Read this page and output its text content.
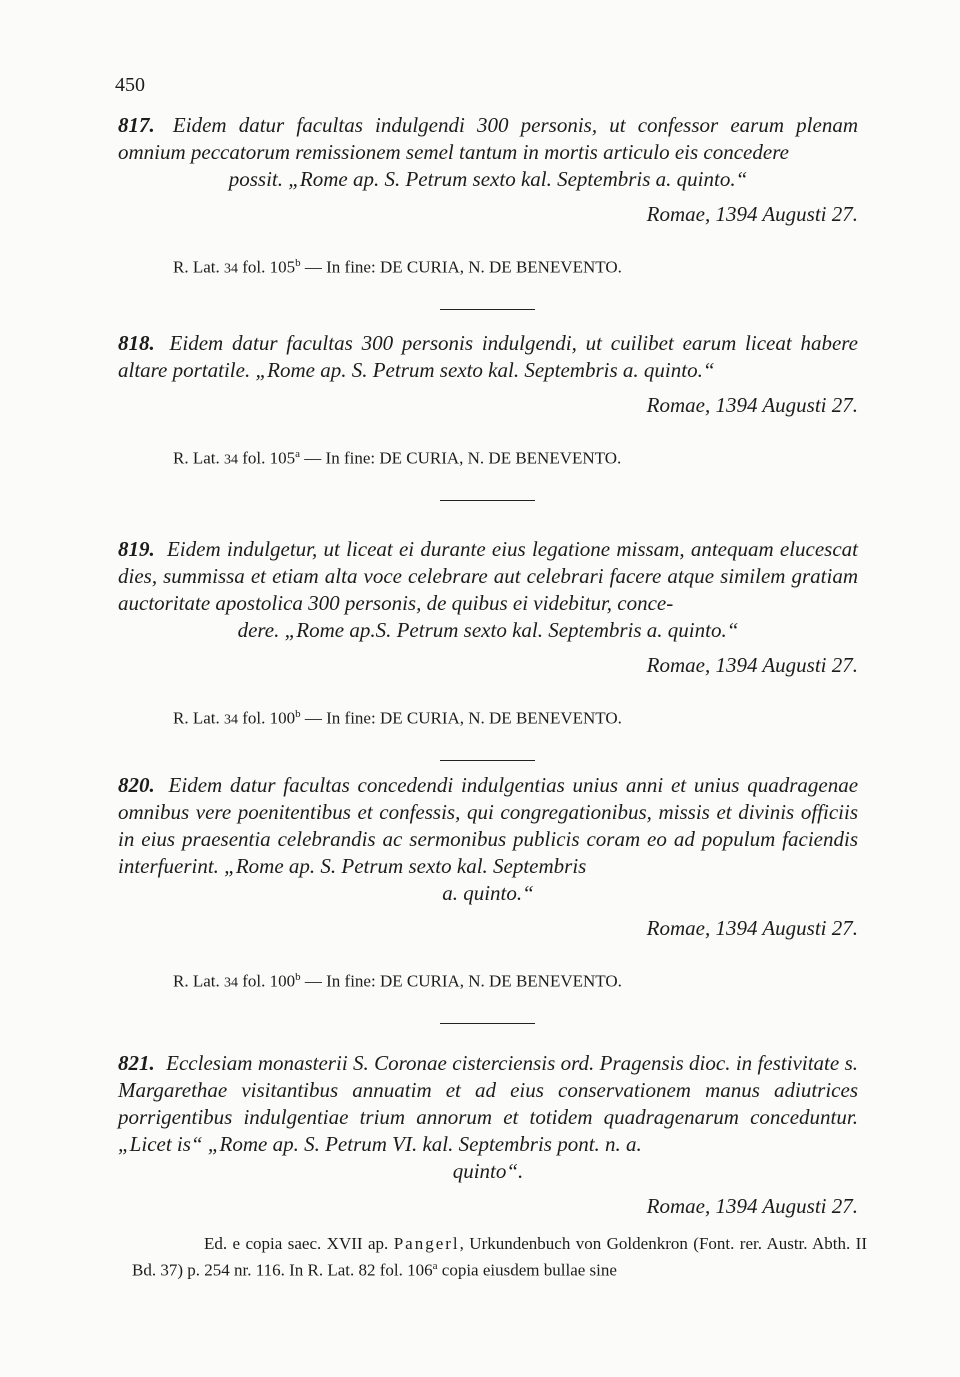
450

817. Eidem datur facultas indulgendi 300 personis, ut confessor earum plenam omnium peccatorum remissionem semel tantum in mortis articulo eis concedere
possit. „Rome ap. S. Petrum sexto kal. Septembris a. quinto.“

Romae, 1394 Augusti 27.
R. Lat. 34 fol. 105$^b$ — In fine: DE CURIA, N. DE BENEVENTO.

818. Eidem datur facultas 300 personis indulgendi, ut cuilibet earum liceat habere altare portatile. „Rome ap. S. Petrum sexto kal. Septembris a. quinto.“

Romae, 1394 Augusti 27.
R. Lat. 34 fol. 105$^a$ — In fine: DE CURIA, N. DE BENEVENTO.

819. Eidem indulgetur, ut liceat ei durante eius legatione missam, antequam elucescat dies, summissa et etiam alta voce celebrare aut celebrari facere atque similem gratiam auctoritate apostolica 300 personis, de quibus ei videbitur, conce-
dere. „Rome ap.S. Petrum sexto kal. Septembris a. quinto.“

Romae, 1394 Augusti 27.
R. Lat. 34 fol. 100$^b$ — In fine: DE CURIA, N. DE BENEVENTO.

820. Eidem datur facultas concedendi indulgentias unius anni et unius quadragenae omnibus vere poenitentibus et confessis, qui congregationibus, missis et divinis officiis in eius praesentia celebrandis ac sermonibus publicis coram eo ad populum faciendis interfuerint. „Rome ap. S. Petrum sexto kal. Septembris
a. quinto.“

Romae, 1394 Augusti 27.
R. Lat. 34 fol. 100$^b$ — In fine: DE CURIA, N. DE BENEVENTO.

821. Ecclesiam monasterii S. Coronae cisterciensis ord. Pragensis dioc. in festivitate s. Margarethae visitantibus annuatim et ad eius conservationem manus adiutrices porrigentibus indulgentiae trium annorum et totidem quadragenarum conceduntur. „Licet is“ „Rome ap. S. Petrum VI. kal. Septembris pont. n. a.
quinto“.

Romae, 1394 Augusti 27.
Ed. e copia saec. XVII ap. Pangerl, Urkundenbuch von Goldenkron (Font. rer. Austr. Abth. II Bd. 37) p. 254 nr. 116. In R. Lat. 82 fol. 106$^a$ copia eiusdem bullae sine
